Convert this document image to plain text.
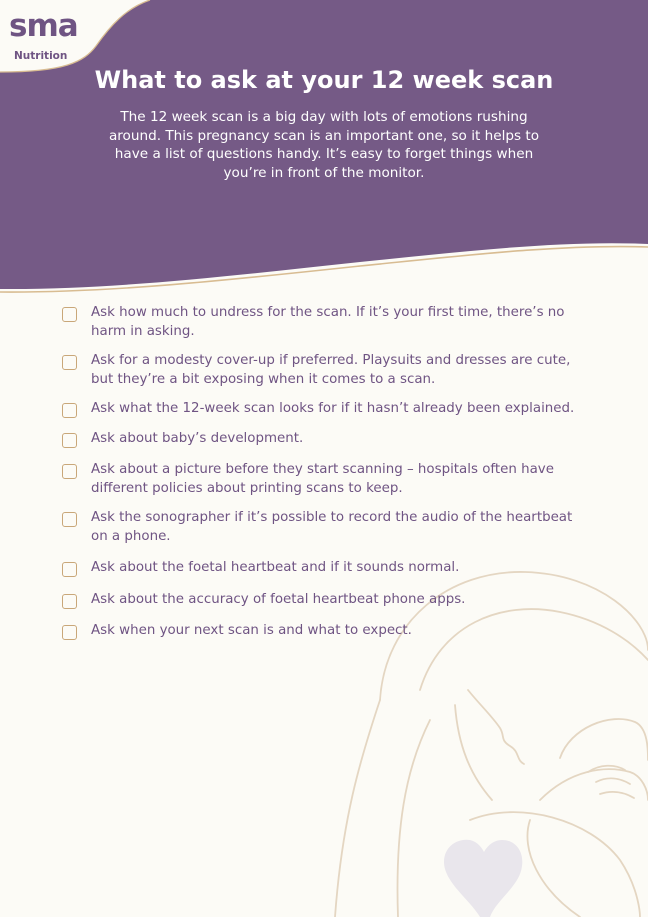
sma
Nutrition
What to ask at your 12 week scan

The 12 week scan is a big day with lots of emotions rushing around. This pregnancy scan is an important one, so it helps to have a list of questions handy. It’s easy to forget things when you’re in front of the monitor.

Ask how much to undress for the scan. If it’s your first time, there’s no harm in asking.
Ask for a modesty cover-up if preferred. Playsuits and dresses are cute, but they’re a bit exposing when it comes to a scan.
Ask what the 12-week scan looks for if it hasn’t already been explained.
Ask about baby’s development.
Ask about a picture before they start scanning – hospitals often have different policies about printing scans to keep.
Ask the sonographer if it’s possible to record the audio of the heartbeat on a phone.
Ask about the foetal heartbeat and if it sounds normal.
Ask about the accuracy of foetal heartbeat phone apps.
Ask when your next scan is and what to expect.
